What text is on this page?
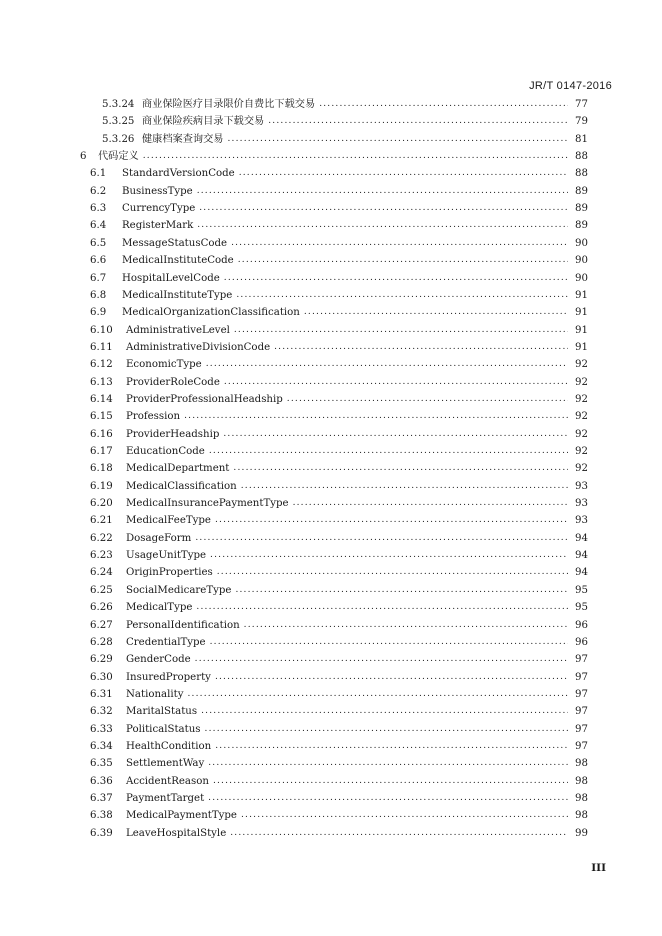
JR/T 0147-2016
5.3.24 商业保险医疗目录限价自费比下载交易 .....	77
5.3.25 商业保险疾病目录下载交易 .....	79
5.3.26 健康档案查询交易 .....	81
6	代码定义 .....	88
6.1	StandardVersionCode .....	88
6.2	BusinessType .....	89
6.3	CurrencyType .....	89
6.4	RegisterMark .....	89
6.5	MessageStatusCode .....	90
6.6	MedicalInstituteCode .....	90
6.7	HospitalLevelCode .....	90
6.8	MedicalInstituteType .....	91
6.9	MedicalOrganizationClassification .....	91
6.10	AdministrativeLevel .....	91
6.11	AdministrativeDivisionCode .....	91
6.12	EconomicType .....	92
6.13	ProviderRoleCode .....	92
6.14	ProviderProfessionalHeadship .....	92
6.15	Profession .....	92
6.16	ProviderHeadship .....	92
6.17	EducationCode .....	92
6.18	MedicalDepartment .....	92
6.19	MedicalClassification .....	93
6.20	MedicalInsurancePaymentType .....	93
6.21	MedicalFeeType .....	93
6.22	DosageForm .....	94
6.23	UsageUnitType .....	94
6.24	OriginProperties .....	94
6.25	SocialMedicareType .....	95
6.26	MedicalType .....	95
6.27	PersonalIdentification .....	96
6.28	CredentialType .....	96
6.29	GenderCode .....	97
6.30	InsuredProperty .....	97
6.31	Nationality .....	97
6.32	MaritalStatus .....	97
6.33	PoliticalStatus .....	97
6.34	HealthCondition .....	97
6.35	SettlementWay .....	98
6.36	AccidentReason .....	98
6.37	PaymentTarget .....	98
6.38	MedicalPaymentType .....	98
6.39	LeaveHospitalStyle .....	99
III
